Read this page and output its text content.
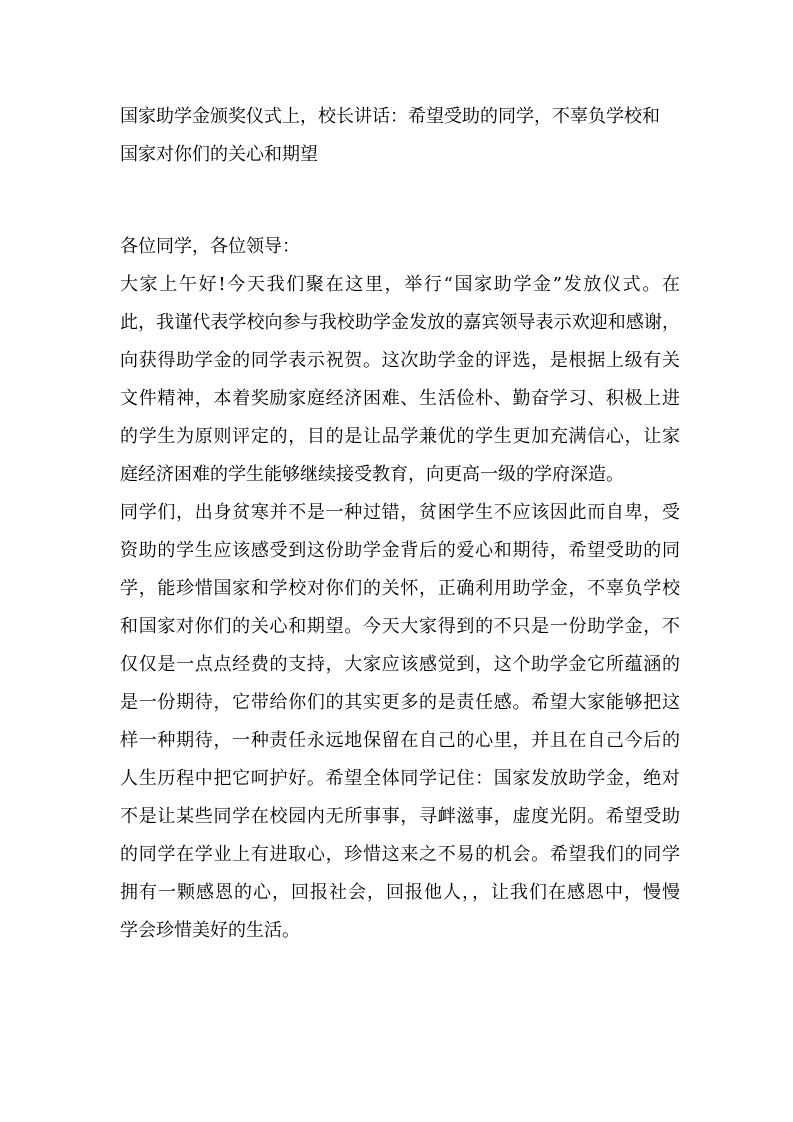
国家助学金颁奖仪式上，校长讲话：希望受助的同学，不辜负学校和
国家对你们的关心和期望
各位同学，各位领导：
大家上午好!今天我们聚在这里，举行“国家助学金”发放仪式。在
此，我谨代表学校向参与我校助学金发放的嘉宾领导表示欢迎和感谢，
向获得助学金的同学表示祝贺。这次助学金的评选，是根据上级有关
文件精神，本着奖励家庭经济困难、生活俭朴、勤奋学习、积极上进
的学生为原则评定的，目的是让品学兼优的学生更加充满信心，让家
庭经济困难的学生能够继续接受教育，向更高一级的学府深造。
同学们，出身贫寒并不是一种过错，贫困学生不应该因此而自卑，受
资助的学生应该感受到这份助学金背后的爱心和期待，希望受助的同
学，能珍惜国家和学校对你们的关怀，正确利用助学金，不辜负学校
和国家对你们的关心和期望。今天大家得到的不只是一份助学金，不
仅仅是一点点经费的支持，大家应该感觉到，这个助学金它所蕴涵的
是一份期待，它带给你们的其实更多的是责任感。希望大家能够把这
样一种期待，一种责任永远地保留在自己的心里，并且在自己今后的
人生历程中把它呵护好。希望全体同学记住：国家发放助学金，绝对
不是让某些同学在校园内无所事事，寻衅滋事，虚度光阴。希望受助
的同学在学业上有进取心，珍惜这来之不易的机会。希望我们的同学
拥有一颗感恩的心，回报社会，回报他人，，让我们在感恩中，慢慢
学会珍惜美好的生活。
